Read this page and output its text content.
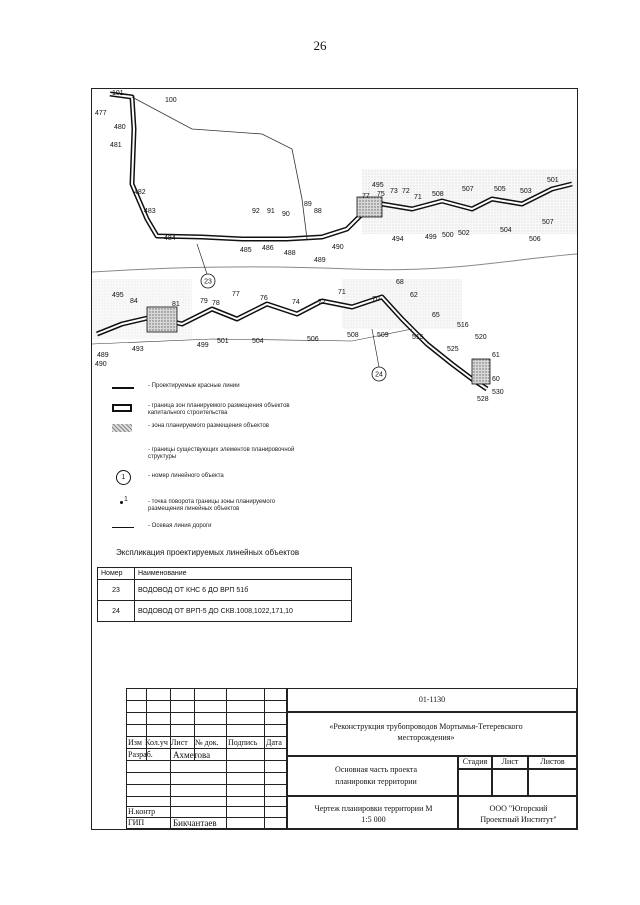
26
23
24
101
100
477
480
481
482
483
484
485 486
488
92 91 90
489
490
89
88
495
77 75 73 72
71 508
507	505 503
501
494	499 500 502	504
506
507
495
84	81	79 78
77
76
74	72
71
70
68
62
65
516
520
61
60
528
530
489
490
493
499
501	504	506
508	509	515
525
- Проектируемые красные линии
- граница зон планируемого размещения объектов капитального строительства
- зона планируемого размещения объектов
- границы существующих элементов планировочной структуры
1	- номер линейного объекта
1	- точка поворота границы зоны планируемого размещения линейных объектов
- Осевая линия дороги
Экспликация проектируемых линейных объектов
Номер	Наименование
23	ВОДОВОД ОТ КНС 6 ДО ВРП 51б
24	ВОДОВОД ОТ ВРП-5 ДО СКВ.1008,1022,171,10
Изм Кол.уч Лист № док. Подпись Дата
Разраб. Ахметова
Н.контр
ГИП	Бикчантаев
01-1130
«Реконструкция трубопроводов Мортымья-Тетеревского месторождения»
Основная часть проекта планировки территории
Стадия	Лист	Листов
Чертеж планировки территории М 1:5 000
ООО "Югорский Проектный Институт"
